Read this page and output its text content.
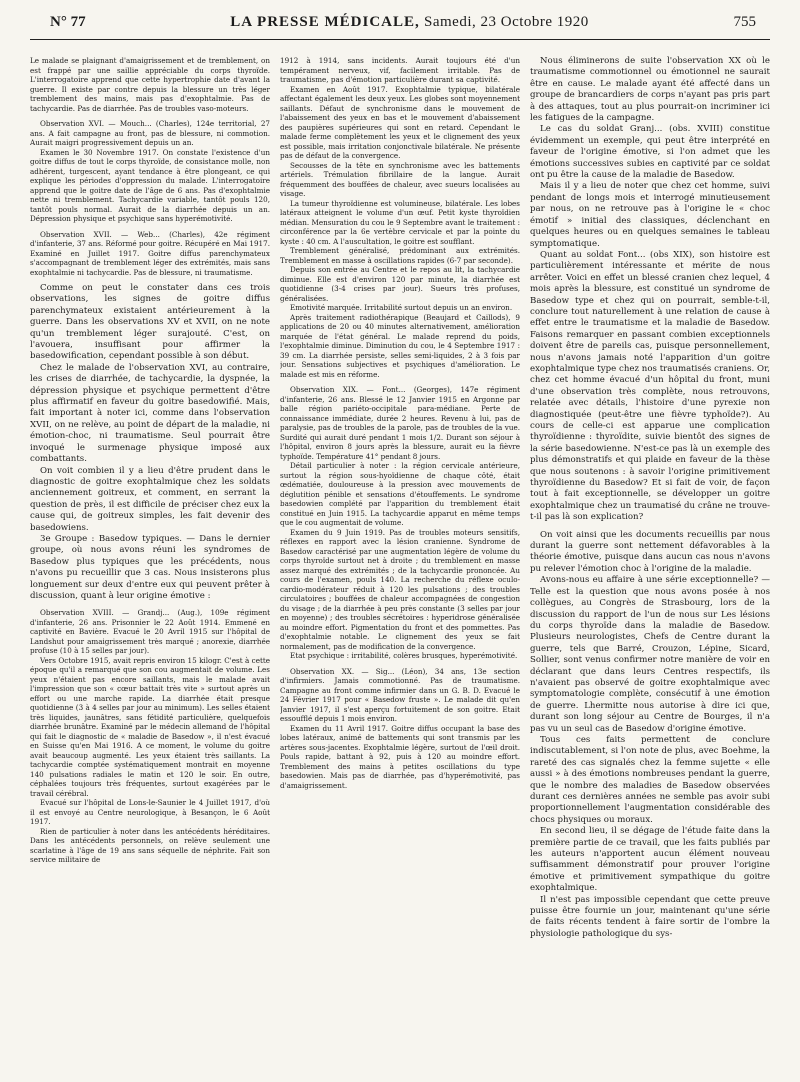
N° 77	LA PRESSE MÉDICALE, Samedi, 23 Octobre 1920	755

Le malade se plaignant d'amaigrissement et de tremblement, on est frappé par une saillie appréciable du corps thyroïde. L'interrogatoire apprend que cette hypertrophie date d'avant la guerre. Il existe par contre depuis la blessure un très léger tremblement des mains, mais pas d'exophtalmie. Pas de tachycardie. Pas de diarrhée. Pas de troubles vaso-moteurs.

Observation XVI. — Mouch... (Charles), 124e territorial, 27 ans. A fait campagne au front, pas de blessure, ni commotion. Aurait maigri progressivement depuis un an.

Examen le 30 Novembre 1917. On constate l'existence d'un goitre diffus de tout le corps thyroïde, de consistance molle, non adhérent, turgescent, ayant tendance à être plongeant, ce qui explique les périodes d'oppression du malade. L'interrogatoire apprend que le goitre date de l'âge de 6 ans. Pas d'exophtalmie nette ni tremblement. Tachycardie variable, tantôt pouls 120, tantôt pouls normal. Aurait de la diarrhée depuis un an. Dépression physique et psychique sans hyperémotivité.

Observation XVII. — Web... (Charles), 42e régiment d'infanterie, 37 ans. Réformé pour goitre. Récupéré en Mai 1917. Examiné en Juillet 1917. Goitre diffus parenchymateux s'accompagnant de tremblement léger des extrémités, mais sans exophtalmie ni tachycardie. Pas de blessure, ni traumatisme.

Comme on peut le constater dans ces trois observations, les signes de goitre diffus parenchymateux existaient antérieurement à la guerre. Dans les observations XV et XVII, on ne note qu'un tremblement léger surajouté. C'est, on l'avouera, insuffisant pour affirmer la basedowification, cependant possible à son début.

Chez le malade de l'observation XVI, au contraire, les crises de diarrhée, de tachycardie, la dyspnée, la dépression physique et psychique permettent d'être plus affirmatif en faveur du goitre basedowifié. Mais, fait important à noter ici, comme dans l'observation XVII, on ne relève, au point de départ de la maladie, ni émotion-choc, ni traumatisme. Seul pourrait être invoqué le surmenage physique imposé aux combattants.

On voit combien il y a lieu d'être prudent dans le diagnostic de goitre exophtalmique chez les soldats anciennement goitreux, et comment, en serrant la question de près, il est difficile de préciser chez eux la cause qui, de goitreux simples, les fait devenir des basedowiens.

3e Groupe : Basedow typiques. — Dans le dernier groupe, où nous avons réuni les syndromes de Basedow plus typiques que les précédents, nous n'avons pu recueillir que 3 cas. Nous insisterons plus longuement sur deux d'entre eux qui peuvent prêter à discussion, quant à leur origine émotive :

Observation XVIII. — Grandj... (Aug.), 109e régiment d'infanterie, 26 ans. Prisonnier le 22 Août 1914. Emmené en captivité en Bavière. Evacué le 20 Avril 1915 sur l'hôpital de Landshut pour amaigrissement très marqué ; anorexie, diarrhée profuse (10 à 15 selles par jour).

Vers Octobre 1915, avait repris environ 15 kilogr. C'est à cette époque qu'il a remarqué que son cou augmentait de volume. Les yeux n'étaient pas encore saillants, mais le malade avait l'impression que son « cœur battait très vite » surtout après un effort ou une marche rapide. La diarrhée était presque quotidienne (3 à 4 selles par jour au minimum). Les selles étaient très liquides, jaunâtres, sans fétidité particulière, quelquefois diarrhée brunâtre. Examiné par le médecin allemand de l'hôpital qui fait le diagnostic de « maladie de Basedow », il n'est évacué en Suisse qu'en Mai 1916. A ce moment, le volume du goitre avait beaucoup augmenté. Les yeux étaient très saillants. La tachycardie comptée systématiquement montrait en moyenne 140 pulsations radiales le matin et 120 le soir. En outre, céphalées toujours très fréquentes, surtout exagérées par le travail cérébral.

Evacué sur l'hôpital de Lons-le-Saunier le 4 Juillet 1917, d'où il est envoyé au Centre neurologique, à Besançon, le 6 Août 1917.

Rien de particulier à noter dans les antécédents héréditaires. Dans les antécédents personnels, on relève seulement une scarlatine à l'âge de 19 ans sans séquelle de néphrite. Fait son service militaire de

1912 à 1914, sans incidents. Aurait toujours été d'un tempérament nerveux, vif, facilement irritable. Pas de traumatisme, pas d'émotion particulière durant sa captivité.

Examen en Août 1917. Exophtalmie typique, bilatérale affectant également les deux yeux. Les globes sont moyennement saillants. Défaut de synchronisme dans le mouvement de l'abaissement des yeux en bas et le mouvement d'abaissement des paupières supérieures qui sont en retard. Cependant le malade ferme complètement les yeux et le clignement des yeux est possible, mais irritation conjonctivale bilatérale. Ne présente pas de défaut de la convergence.

Secousses de la tête en synchronisme avec les battements artériels. Trémulation fibrillaire de la langue. Aurait fréquemment des bouffées de chaleur, avec sueurs localisées au visage.

La tumeur thyroïdienne est volumineuse, bilatérale. Les lobes latéraux atteignent le volume d'un œuf. Petit kyste thyroïdien médian. Mensuration du cou le 9 Septembre avant le traitement : circonférence par la 6e vertèbre cervicale et par la pointe du kyste : 40 cm. A l'auscultation, le goitre est soufflant.

Tremblement généralisé, prédominant aux extrémités. Tremblement en masse à oscillations rapides (6-7 par seconde).

Depuis son entrée au Centre et le repos au lit, la tachycardie diminue. Elle est d'environ 120 par minute, la diarrhée est quotidienne (3-4 crises par jour). Sueurs très profuses, généralisées.

Emotivité marquée. Irritabilité surtout depuis un an environ.

Après traitement radiothérapique (Beaujard et Caillods), 9 applications de 20 ou 40 minutes alternativement, amélioration marquée de l'état général. Le malade reprend du poids, l'exophtalmie diminue. Diminution du cou, le 4 Septembre 1917 : 39 cm. La diarrhée persiste, selles semi-liquides, 2 à 3 fois par jour. Sensations subjectives et psychiques d'amélioration. Le malade est mis en réforme.

Observation XIX. — Font... (Georges), 147e régiment d'infanterie, 26 ans. Blessé le 12 Janvier 1915 en Argonne par balle région pariéto-occipitale para-médiane. Perte de connaissance immédiate, durée 2 heures. Revenu à lui, pas de paralysie, pas de troubles de la parole, pas de troubles de la vue. Surdité qui aurait duré pendant 1 mois 1/2. Durant son séjour à l'hôpital, environ 8 jours après la blessure, aurait eu la fièvre typhoïde. Température 41° pendant 8 jours.

Détail particulier à noter : la région cervicale antérieure, surtout la région sous-hyoïdienne de chaque côté, était œdématiée, douloureuse à la pression avec mouvements de déglutition pénible et sensations d'étouffements. Le syndrome basedowien complété par l'apparition du tremblement était constitué en Juin 1915. La tachycardie apparut en même temps que le cou augmentait de volume.

Examen du 9 Juin 1919. Pas de troubles moteurs sensitifs, réflexes en rapport avec la lésion cranienne. Syndrome de Basedow caractérisé par une augmentation légère de volume du corps thyroïde surtout net à droite ; du tremblement en masse assez marqué des extrémités ; de la tachycardie prononcée. Au cours de l'examen, pouls 140. La recherche du réflexe oculo-cardio-modérateur réduit à 120 les pulsations ; des troubles circulatoires ; bouffées de chaleur accompagnées de congestion du visage ; de la diarrhée à peu près constante (3 selles par jour en moyenne) ; des troubles sécrétoires : hyperidrose généralisée au moindre effort. Pigmentation du front et des pommettes. Pas d'exophtalmie notable. Le clignement des yeux se fait normalement, pas de modification de la convergence.

Etat psychique : irritabilité, colères brusques, hyperémotivité.

Observation XX. — Sig... (Léon), 34 ans, 13e section d'infirmiers. Jamais commotionné. Pas de traumatisme. Campagne au front comme infirmier dans un G. B. D. Evacué le 24 Février 1917 pour « Basedow fruste ». Le malade dit qu'en Janvier 1917, il s'est aperçu fortuitement de son goitre. Etait essoufflé depuis 1 mois environ.

Examen du 11 Avril 1917. Goitre diffus occupant la base des lobes latéraux, animé de battements qui sont transmis par les artères sous-jacentes. Exophtalmie légère, surtout de l'œil droit. Pouls rapide, battant à 92, puis à 120 au moindre effort. Tremblement des mains à petites oscillations du type basedowien. Mais pas de diarrhée, pas d'hyperémotivité, pas d'amaigrissement.

Nous éliminerons de suite l'observation XX où le traumatisme commotionnel ou émotionnel ne saurait être en cause. Le malade ayant été affecté dans un groupe de brancardiers de corps n'ayant pas pris part à des attaques, tout au plus pourrait-on incriminer ici les fatigues de la campagne.

Le cas du soldat Granj... (obs. XVIII) constitue évidemment un exemple, qui peut être interprété en faveur de l'origine émotive, si l'on admet que les émotions successives subies en captivité par ce soldat ont pu être la cause de la maladie de Basedow.

Mais il y a lieu de noter que chez cet homme, suivi pendant de longs mois et interrogé minutieusement par nous, on ne retrouve pas à l'origine le « choc émotif » initial des classiques, déclenchant en quelques heures ou en quelques semaines le tableau symptomatique.

Quant au soldat Font... (obs XIX), son histoire est particulièrement intéressante et mérite de nous arrêter. Voici en effet un blessé cranien chez lequel, 4 mois après la blessure, est constitué un syndrome de Basedow type et chez qui on pourrait, semble-t-il, conclure tout naturellement à une relation de cause à effet entre le traumatisme et la maladie de Basedow. Faisons remarquer en passant combien exceptionnels doivent être de pareils cas, puisque personnellement, nous n'avons jamais noté l'apparition d'un goitre exophtalmique type chez nos traumatisés craniens. Or, chez cet homme évacué d'un hôpital du front, muni d'une observation très complète, nous retrouvons, relatée avec détails, l'histoire d'une pyrexie non diagnostiquée (peut-être une fièvre typhoïde?). Au cours de celle-ci est apparue une complication thyroïdienne : thyroïdite, suivie bientôt des signes de la série basedowienne. N'est-ce pas là un exemple des plus démonstratifs et qui plaide en faveur de la thèse que nous soutenons : à savoir l'origine primitivement thyroïdienne du Basedow? Et si fait de voir, de façon tout à fait exceptionnelle, se développer un goitre exophtalmique chez un traumatisé du crâne ne trouve-t-il pas là son explication?

On voit ainsi que les documents recueillis par nous durant la guerre sont nettement défavorables à la théorie émotive, puisque dans aucun cas nous n'avons pu relever l'émotion choc à l'origine de la maladie.

Avons-nous eu affaire à une série exceptionnelle? — Telle est la question que nous avons posée à nos collègues, au Congrès de Strasbourg, lors de la discussion du rapport de l'un de nous sur Les lésions du corps thyroïde dans la maladie de Basedow. Plusieurs neurologistes, Chefs de Centre durant la guerre, tels que Barré, Crouzon, Lépine, Sicard, Sollier, sont venus confirmer notre manière de voir en déclarant que dans leurs Centres respectifs, ils n'avaient pas observé de goitre exophtalmique avec symptomatologie complète, consécutif à une émotion de guerre. Lhermitte nous autorise à dire ici que, durant son long séjour au Centre de Bourges, il n'a pas vu un seul cas de Basedow d'origine émotive.

Tous ces faits permettent de conclure indiscutablement, si l'on note de plus, avec Boehme, la rareté des cas signalés chez la femme sujette « elle aussi » à des émotions nombreuses pendant la guerre, que le nombre des maladies de Basedow observées durant ces dernières années ne semble pas avoir subi proportionnellement l'augmentation considérable des chocs physiques ou moraux.

En second lieu, il se dégage de l'étude faite dans la première partie de ce travail, que les faits publiés par les auteurs n'apportent aucun élément nouveau suffisamment démonstratif pour prouver l'origine émotive et primitivement sympathique du goitre exophtalmique.

Il n'est pas impossible cependant que cette preuve puisse être fournie un jour, maintenant qu'une série de faits récents tendent à faire sortir de l'ombre la physiologie pathologique du sys-
